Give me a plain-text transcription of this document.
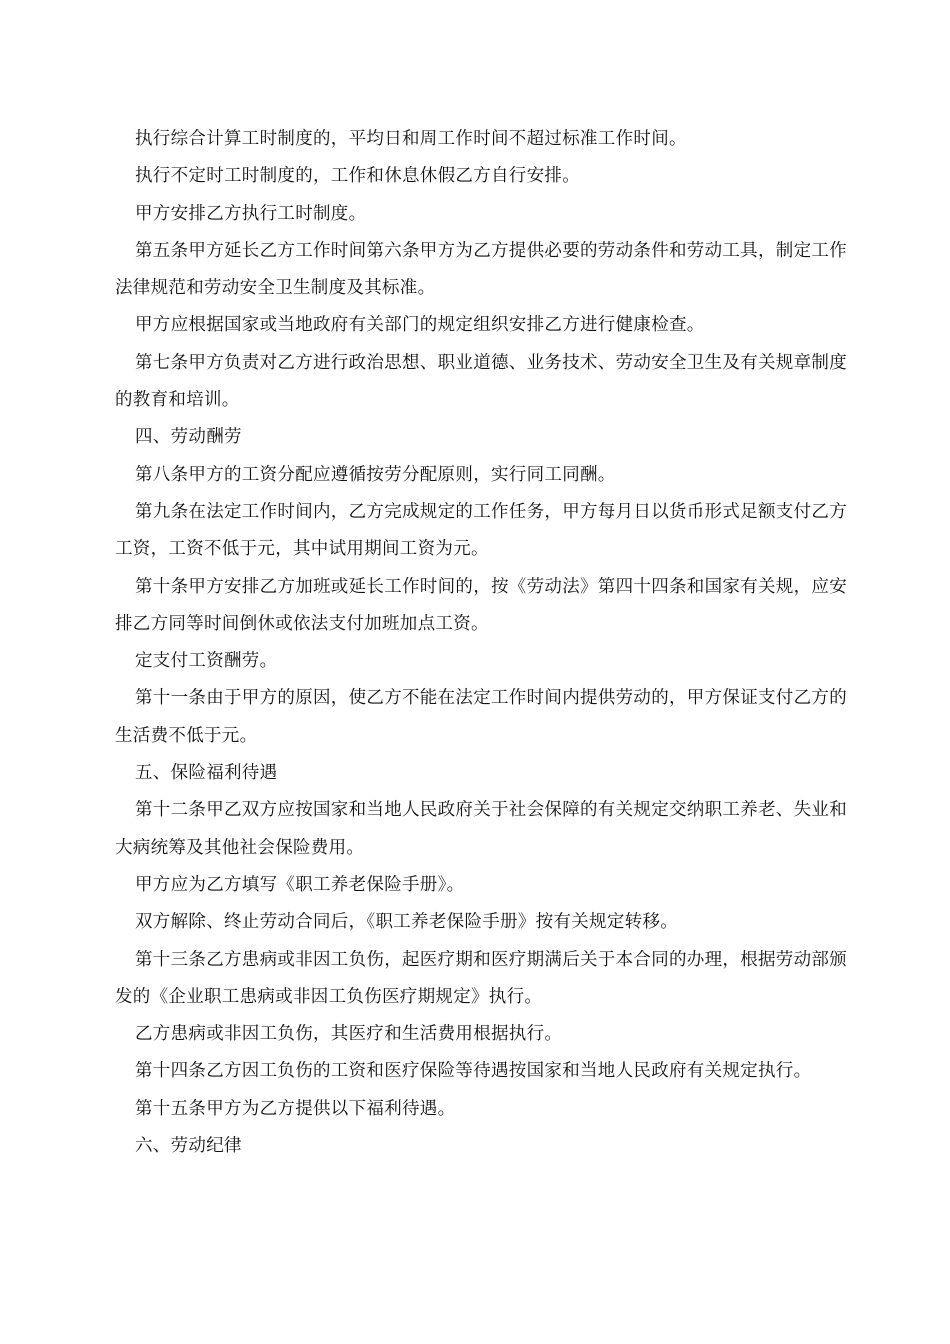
执行综合计算工时制度的，平均日和周工作时间不超过标准工作时间。

执行不定时工时制度的，工作和休息休假乙方自行安排。

甲方安排乙方执行工时制度。

第五条甲方延长乙方工作时间第六条甲方为乙方提供必要的劳动条件和劳动工具，制定工作法律规范和劳动安全卫生制度及其标准。

甲方应根据国家或当地政府有关部门的规定组织安排乙方进行健康检查。

第七条甲方负责对乙方进行政治思想、职业道德、业务技术、劳动安全卫生及有关规章制度的教育和培训。

四、劳动酬劳

第八条甲方的工资分配应遵循按劳分配原则，实行同工同酬。

第九条在法定工作时间内，乙方完成规定的工作任务，甲方每月日以货币形式足额支付乙方工资，工资不低于元，其中试用期间工资为元。

第十条甲方安排乙方加班或延长工作时间的，按《劳动法》第四十四条和国家有关规，应安排乙方同等时间倒休或依法支付加班加点工资。

定支付工资酬劳。

第十一条由于甲方的原因，使乙方不能在法定工作时间内提供劳动的，甲方保证支付乙方的生活费不低于元。

五、保险福利待遇

第十二条甲乙双方应按国家和当地人民政府关于社会保障的有关规定交纳职工养老、失业和大病统筹及其他社会保险费用。

甲方应为乙方填写《职工养老保险手册》。

双方解除、终止劳动合同后，《职工养老保险手册》按有关规定转移。

第十三条乙方患病或非因工负伤，起医疗期和医疗期满后关于本合同的办理，根据劳动部颁发的《企业职工患病或非因工负伤医疗期规定》执行。

乙方患病或非因工负伤，其医疗和生活费用根据执行。

第十四条乙方因工负伤的工资和医疗保险等待遇按国家和当地人民政府有关规定执行。

第十五条甲方为乙方提供以下福利待遇。

六、劳动纪律
